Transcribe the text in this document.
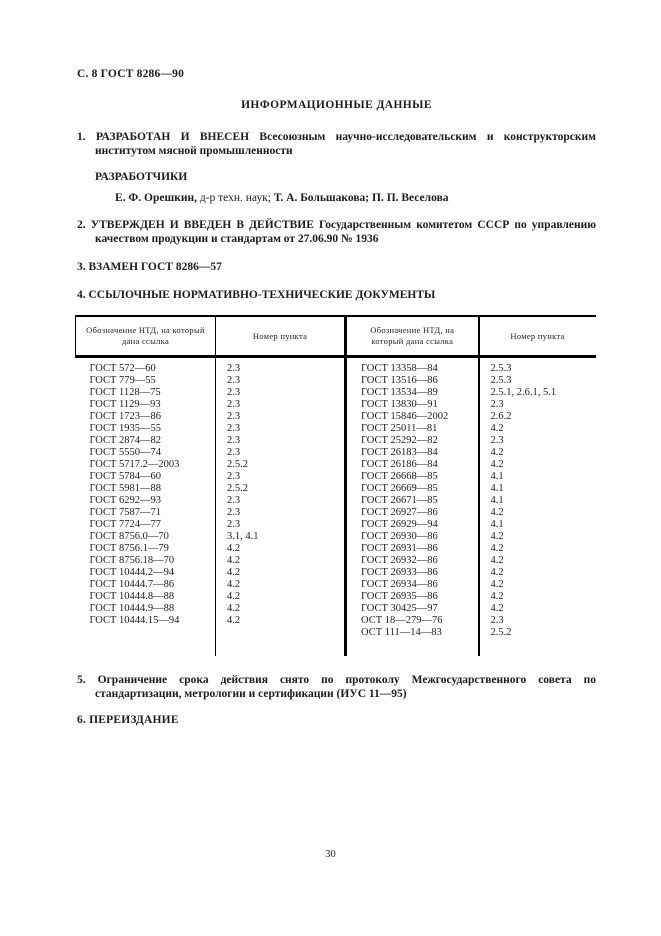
С. 8 ГОСТ 8286—90
ИНФОРМАЦИОННЫЕ ДАННЫЕ
1. РАЗРАБОТАН И ВНЕСЕН Всесоюзным научно-исследовательским и конструкторским институтом мясной промышленности
РАЗРАБОТЧИКИ
Е. Ф. Орешкин, д-р техн. наук; Т. А. Большакова; П. П. Веселова
2. УТВЕРЖДЕН И ВВЕДЕН В ДЕЙСТВИЕ Государственным комитетом СССР по управлению качеством продукции и стандартам от 27.06.90 № 1936
3. ВЗАМЕН ГОСТ 8286—57
4. ССЫЛОЧНЫЕ НОРМАТИВНО-ТЕХНИЧЕСКИЕ ДОКУМЕНТЫ
Обозначение НТД, на который дана ссылка	Номер пункта	Обозначение НТД, на который дана ссылка	Номер пункта
ГОСТ 572—60	2.3	ГОСТ 13358—84	2.5.3
ГОСТ 779—55	2.3	ГОСТ 13516—86	2.5.3
ГОСТ 1128—75	2.3	ГОСТ 13534—89	2.5.1, 2.6.1, 5.1
ГОСТ 1129—93	2.3	ГОСТ 13830—91	2.3
ГОСТ 1723—86	2.3	ГОСТ 15846—2002	2.6.2
ГОСТ 1935—55	2.3	ГОСТ 25011—81	4.2
ГОСТ 2874—82	2.3	ГОСТ 25292—82	2.3
ГОСТ 5550—74	2.3	ГОСТ 26183—84	4.2
ГОСТ 5717.2—2003	2.5.2	ГОСТ 26186—84	4.2
ГОСТ 5784—60	2.3	ГОСТ 26668—85	4.1
ГОСТ 5981—88	2.5.2	ГОСТ 26669—85	4.1
ГОСТ 6292—93	2.3	ГОСТ 26671—85	4.1
ГОСТ 7587—71	2.3	ГОСТ 26927—86	4.2
ГОСТ 7724—77	2.3	ГОСТ 26929—94	4.1
ГОСТ 8756.0—70	3.1, 4.1	ГОСТ 26930—86	4.2
ГОСТ 8756.1—79	4.2	ГОСТ 26931—86	4.2
ГОСТ 8756.18—70	4.2	ГОСТ 26932—86	4.2
ГОСТ 10444.2—94	4.2	ГОСТ 26933—86	4.2
ГОСТ 10444.7—86	4.2	ГОСТ 26934—86	4.2
ГОСТ 10444.8—88	4.2	ГОСТ 26935—86	4.2
ГОСТ 10444.9—88	4.2	ГОСТ 30425—97	4.2
ГОСТ 10444.15—94	4.2	ОСТ 18—279—76	2.3
		ОСТ 111—14—83	2.5.2

5. Ограничение срока действия снято по протоколу Межгосударственного совета по стандартизации, метрологии и сертификации (ИУС 11—95)
6. ПЕРЕИЗДАНИЕ
30
